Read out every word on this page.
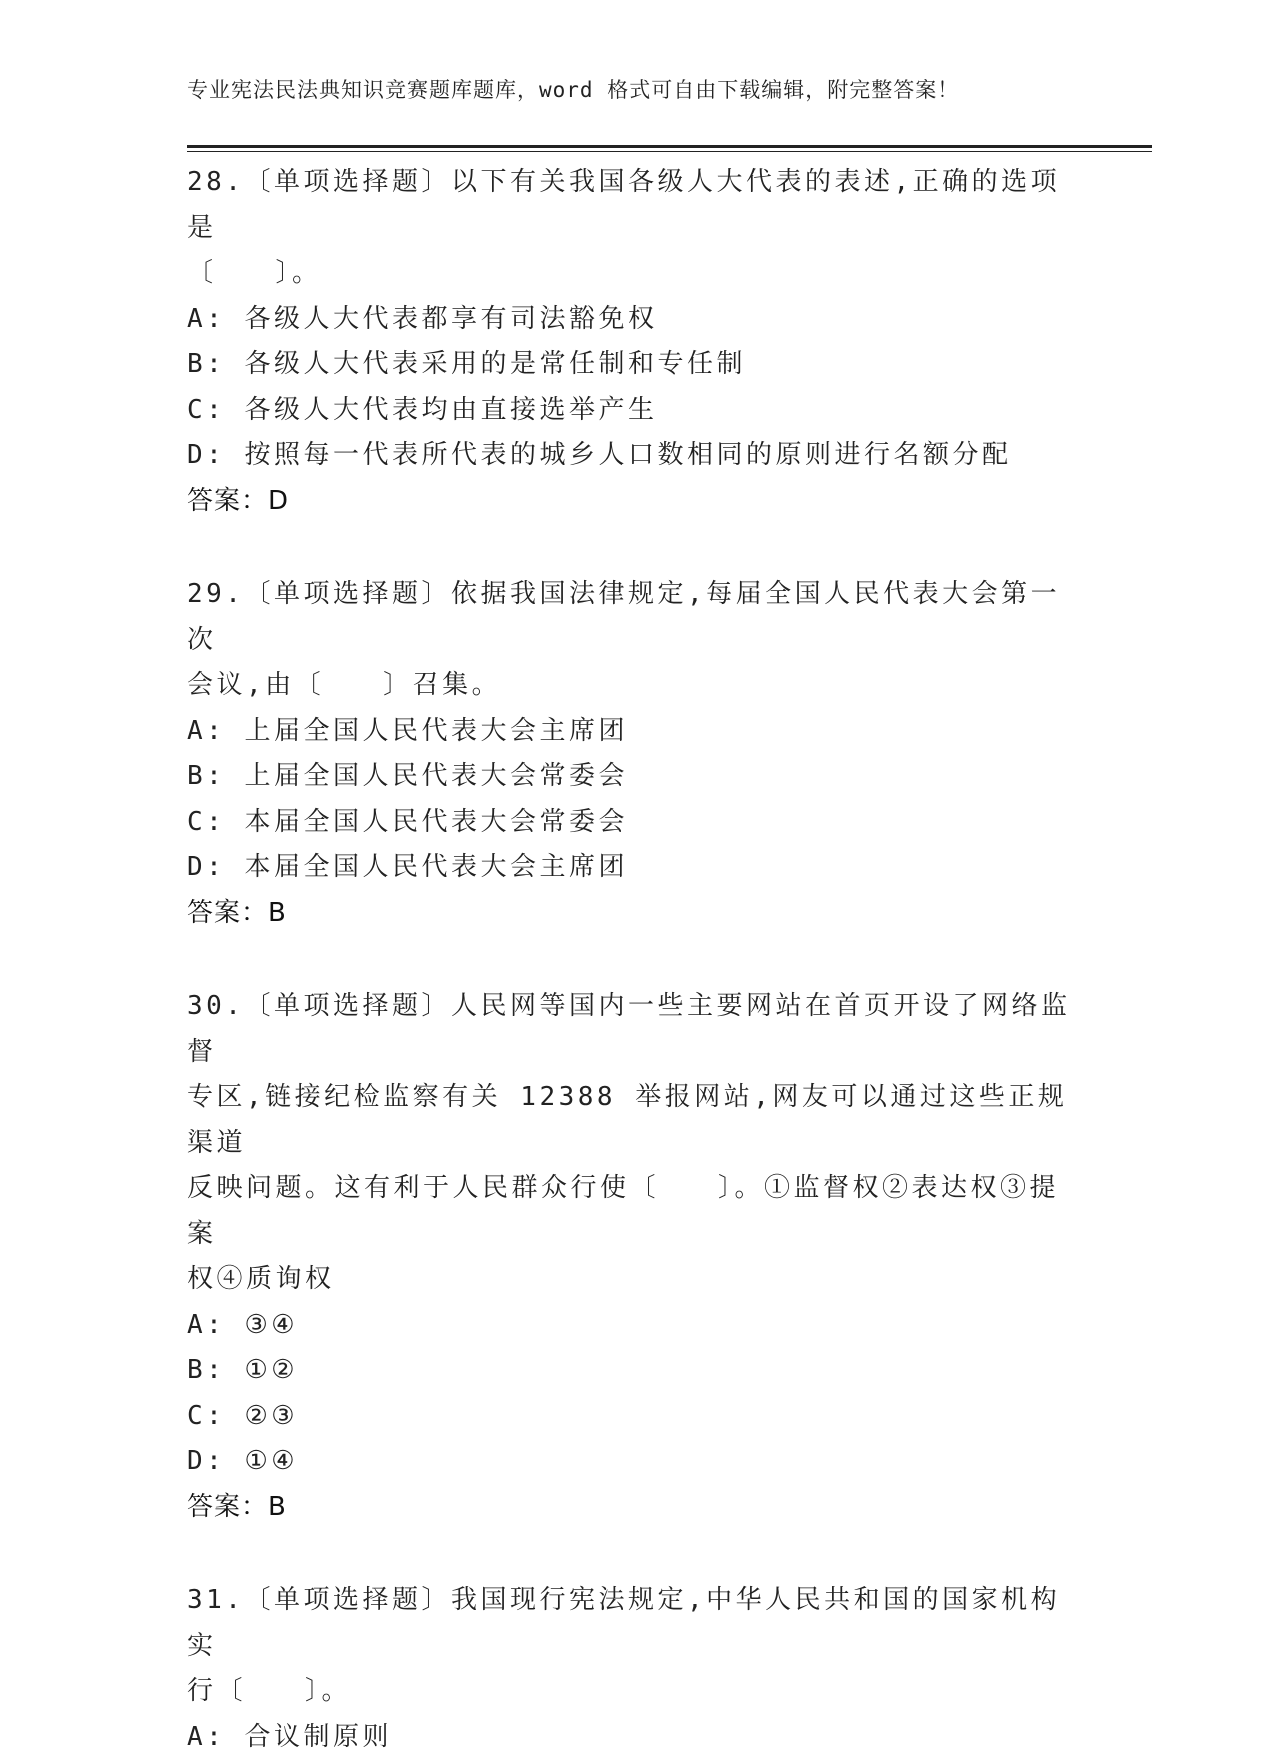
专业宪法民法典知识竞赛题库题库，word 格式可自由下载编辑，附完整答案！

28.〔单项选择题〕以下有关我国各级人大代表的表述,正确的选项是

〔　　〕。

A: 各级人大代表都享有司法豁免权

B: 各级人大代表采用的是常任制和专任制

C: 各级人大代表均由直接选举产生

D: 按照每一代表所代表的城乡人口数相同的原则进行名额分配

答案：D

29.〔单项选择题〕依据我国法律规定,每届全国人民代表大会第一次

会议,由〔　　〕召集。

A: 上届全国人民代表大会主席团

B: 上届全国人民代表大会常委会

C: 本届全国人民代表大会常委会

D: 本届全国人民代表大会主席团

答案：B

30.〔单项选择题〕人民网等国内一些主要网站在首页开设了网络监督

专区,链接纪检监察有关 12388 举报网站,网友可以通过这些正规渠道

反映问题。这有利于人民群众行使〔　　〕。①监督权②表达权③提案

权④质询权

A: ③④

B: ①②

C: ②③

D: ①④

答案：B

31.〔单项选择题〕我国现行宪法规定,中华人民共和国的国家机构实

行〔　　〕。

A: 合议制原则
